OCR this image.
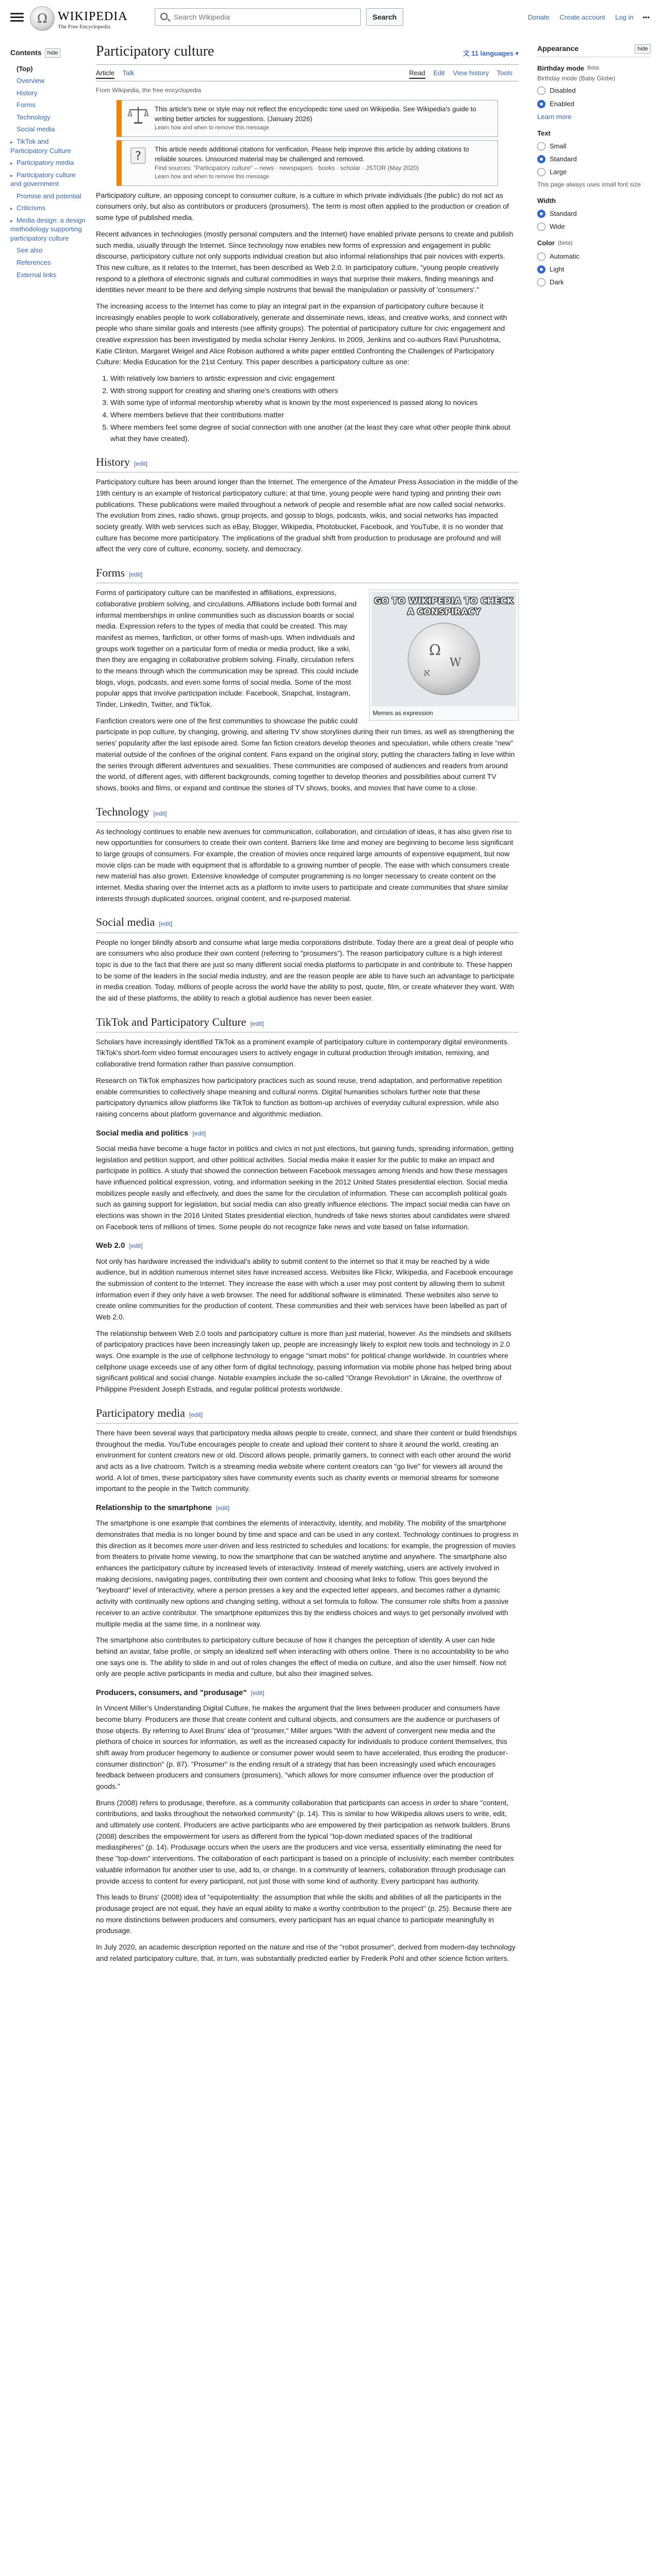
Ω WIKIPEDIA
The Free Encyclopedia
Search Wikipedia
Search	Donate Create account Log in •••
Contents	hide
(Top)
Overview
History
Forms
Technology
Social media
▸ TikTok and Participatory Culture
▸ Participatory media
▸ Participatory culture and government
Promise and potential
▸ Criticisms
▸ Media design: a design methodology supporting participatory culture
See also
References
External links
Participatory culture	文 11 languages ▾
Article Talk	Read Edit View history Tools
From Wikipedia, the free encyclopedia
This article's tone or style may not reflect the encyclopedic tone used on Wikipedia. See Wikipedia's guide to writing better articles for suggestions. (January 2026)
Learn how and when to remove this message
?
This article needs additional citations for verification. Please help improve this article by adding citations to reliable sources. Unsourced material may be challenged and removed.
Find sources: "Participatory culture" – news · newspapers · books · scholar · JSTOR (May 2020)
Learn how and when to remove this message

Participatory culture, an opposing concept to consumer culture, is a culture in which private individuals (the public) do not act as consumers only, but also as contributors or producers (prosumers). The term is most often applied to the production or creation of some type of published media.

Recent advances in technologies (mostly personal computers and the Internet) have enabled private persons to create and publish such media, usually through the Internet. Since technology now enables new forms of expression and engagement in public discourse, participatory culture not only supports individual creation but also informal relationships that pair novices with experts. This new culture, as it relates to the Internet, has been described as Web 2.0. In participatory culture, "young people creatively respond to a plethora of electronic signals and cultural commodities in ways that surprise their makers, finding meanings and identities never meant to be there and defying simple nostrums that bewail the manipulation or passivity of 'consumers'."

The increasing access to the Internet has come to play an integral part in the expansion of participatory culture because it increasingly enables people to work collaboratively, generate and disseminate news, ideas, and creative works, and connect with people who share similar goals and interests (see affinity groups). The potential of participatory culture for civic engagement and creative expression has been investigated by media scholar Henry Jenkins. In 2009, Jenkins and co-authors Ravi Purushotma, Katie Clinton, Margaret Weigel and Alice Robison authored a white paper entitled Confronting the Challenges of Participatory Culture: Media Education for the 21st Century. This paper describes a participatory culture as one:

1. With relatively low barriers to artistic expression and civic engagement
2. With strong support for creating and sharing one's creations with others
3. With some type of informal mentorship whereby what is known by the most experienced is passed along to novices
4. Where members believe that their contributions matter
5. Where members feel some degree of social connection with one another (at the least they care what other people think about what they have created).
History [edit]

Participatory culture has been around longer than the Internet. The emergence of the Amateur Press Association in the middle of the 19th century is an example of historical participatory culture; at that time, young people were hand typing and printing their own publications. These publications were mailed throughout a network of people and resemble what are now called social networks. The evolution from zines, radio shows, group projects, and gossip to blogs, podcasts, wikis, and social networks has impacted society greatly. With web services such as eBay, Blogger, Wikipedia, Photobucket, Facebook, and YouTube, it is no wonder that culture has become more participatory. The implications of the gradual shift from production to produsage are profound and will affect the very core of culture, economy, society, and democracy.

Forms [edit]
GO TO WIKIPEDIA TO CHECK A CONSPIRACY
Ω
W
א
Memes as expression

Forms of participatory culture can be manifested in affiliations, expressions, collaborative problem solving, and circulations. Affiliations include both formal and informal memberships in online communities such as discussion boards or social media. Expression refers to the types of media that could be created. This may manifest as memes, fanfiction, or other forms of mash-ups. When individuals and groups work together on a particular form of media or media product, like a wiki, then they are engaging in collaborative problem solving. Finally, circulation refers to the means through which the communication may be spread. This could include blogs, vlogs, podcasts, and even some forms of social media. Some of the most popular apps that involve participation include: Facebook, Snapchat, Instagram, Tinder, LinkedIn, Twitter, and TikTok.

Fanfiction creators were one of the first communities to showcase the public could participate in pop culture, by changing, growing, and altering TV show storylines during their run times, as well as strengthening the series' popularity after the last episode aired. Some fan fiction creators develop theories and speculation, while others create "new" material outside of the confines of the original content. Fans expand on the original story, putting the characters falling in love within the series through different adventures and sexualities. These communities are composed of audiences and readers from around the world, of different ages, with different backgrounds, coming together to develop theories and possibilities about current TV shows, books and films, or expand and continue the stories of TV shows, books, and movies that have come to a close.

Technology [edit]

As technology continues to enable new avenues for communication, collaboration, and circulation of ideas, it has also given rise to new opportunities for consumers to create their own content. Barriers like time and money are beginning to become less significant to large groups of consumers. For example, the creation of movies once required large amounts of expensive equipment, but now movie clips can be made with equipment that is affordable to a growing number of people. The ease with which consumers create new material has also grown. Extensive knowledge of computer programming is no longer necessary to create content on the internet. Media sharing over the Internet acts as a platform to invite users to participate and create communities that share similar interests through duplicated sources, original content, and re-purposed material.

Social media [edit]

People no longer blindly absorb and consume what large media corporations distribute. Today there are a great deal of people who are consumers who also produce their own content (referring to "prosumers"). The reason participatory culture is a high interest topic is due to the fact that there are just so many different social media platforms to participate in and contribute to. These happen to be some of the leaders in the social media industry, and are the reason people are able to have such an advantage to participate in media creation. Today, millions of people across the world have the ability to post, quote, film, or create whatever they want. With the aid of these platforms, the ability to reach a global audience has never been easier.

TikTok and Participatory Culture [edit]

Scholars have increasingly identified TikTok as a prominent example of participatory culture in contemporary digital environments. TikTok's short-form video format encourages users to actively engage in cultural production through imitation, remixing, and collaborative trend formation rather than passive consumption.

Research on TikTok emphasizes how participatory practices such as sound reuse, trend adaptation, and performative repetition enable communities to collectively shape meaning and cultural norms. Digital humanities scholars further note that these participatory dynamics allow platforms like TikTok to function as bottom-up archives of everyday cultural expression, while also raising concerns about platform governance and algorithmic mediation.

Social media and politics [edit]

Social media have become a huge factor in politics and civics in not just elections, but gaining funds, spreading information, getting legislation and petition support, and other political activities. Social media make it easier for the public to make an impact and participate in politics. A study that showed the connection between Facebook messages among friends and how these messages have influenced political expression, voting, and information seeking in the 2012 United States presidential election. Social media mobilizes people easily and effectively, and does the same for the circulation of information. These can accomplish political goals such as gaining support for legislation, but social media can also greatly influence elections. The impact social media can have on elections was shown in the 2016 United States presidential election, hundreds of fake news stories about candidates were shared on Facebook tens of millions of times. Some people do not recognize fake news and vote based on false information.

Web 2.0 [edit]

Not only has hardware increased the individual's ability to submit content to the internet so that it may be reached by a wide audience, but in addition numerous internet sites have increased access. Websites like Flickr, Wikipedia, and Facebook encourage the submission of content to the Internet. They increase the ease with which a user may post content by allowing them to submit information even if they only have a web browser. The need for additional software is eliminated. These websites also serve to create online communities for the production of content. These communities and their web services have been labelled as part of Web 2.0.

The relationship between Web 2.0 tools and participatory culture is more than just material, however. As the mindsets and skillsets of participatory practices have been increasingly taken up, people are increasingly likely to exploit new tools and technology in 2.0 ways. One example is the use of cellphone technology to engage "smart mobs" for political change worldwide. In countries where cellphone usage exceeds use of any other form of digital technology, passing information via mobile phone has helped bring about significant political and social change. Notable examples include the so-called "Orange Revolution" in Ukraine, the overthrow of Philippine President Joseph Estrada, and regular political protests worldwide.

Participatory media [edit]

There have been several ways that participatory media allows people to create, connect, and share their content or build friendships throughout the media. YouTube encourages people to create and upload their content to share it around the world, creating an environment for content creators new or old. Discord allows people, primarily gamers, to connect with each other around the world and acts as a live chatroom. Twitch is a streaming media website where content creators can "go live" for viewers all around the world. A lot of times, these participatory sites have community events such as charity events or memorial streams for someone important to the people in the Twitch community.

Relationship to the smartphone [edit]

The smartphone is one example that combines the elements of interactivity, identity, and mobility. The mobility of the smartphone demonstrates that media is no longer bound by time and space and can be used in any context. Technology continues to progress in this direction as it becomes more user-driven and less restricted to schedules and locations: for example, the progression of movies from theaters to private home viewing, to now the smartphone that can be watched anytime and anywhere. The smartphone also enhances the participatory culture by increased levels of interactivity. Instead of merely watching, users are actively involved in making decisions, navigating pages, contributing their own content and choosing what links to follow. This goes beyond the "keyboard" level of interactivity, where a person presses a key and the expected letter appears, and becomes rather a dynamic activity with continually new options and changing setting, without a set formula to follow. The consumer role shifts from a passive receiver to an active contributor. The smartphone epitomizes this by the endless choices and ways to get personally involved with multiple media at the same time, in a nonlinear way.

The smartphone also contributes to participatory culture because of how it changes the perception of identity. A user can hide behind an avatar, false profile, or simply an idealized self when interacting with others online. There is no accountability to be who one says one is. The ability to slide in and out of roles changes the effect of media on culture, and also the user himself. Now not only are people active participants in media and culture, but also their imagined selves.

Producers, consumers, and "produsage" [edit]

In Vincent Miller's Understanding Digital Culture, he makes the argument that the lines between producer and consumers have become blurry. Producers are those that create content and cultural objects, and consumers are the audience or purchasers of those objects. By referring to Axel Bruns' idea of "prosumer," Miller argues "With the advent of convergent new media and the plethora of choice in sources for information, as well as the increased capacity for individuals to produce content themselves, this shift away from producer hegemony to audience or consumer power would seem to have accelerated, thus eroding the producer-consumer distinction" (p. 87). "Prosumer" is the ending result of a strategy that has been increasingly used which encourages feedback between producers and consumers (prosumers), "which allows for more consumer influence over the production of goods."

Bruns (2008) refers to produsage, therefore, as a community collaboration that participants can access in order to share "content, contributions, and tasks throughout the networked community" (p. 14). This is similar to how Wikipedia allows users to write, edit, and ultimately use content. Producers are active participants who are empowered by their participation as network builders. Bruns (2008) describes the empowerment for users as different from the typical "top-down mediated spaces of the traditional mediaspheres" (p. 14). Produsage occurs when the users are the producers and vice versa, essentially eliminating the need for these "top-down" interventions. The collaboration of each participant is based on a principle of inclusivity; each member contributes valuable information for another user to use, add to, or change. In a community of learners, collaboration through produsage can provide access to content for every participant, not just those with some kind of authority. Every participant has authority.

This leads to Bruns' (2008) idea of "equipotentiality: the assumption that while the skills and abilities of all the participants in the produsage project are not equal, they have an equal ability to make a worthy contribution to the project" (p. 25). Because there are no more distinctions between producers and consumers, every participant has an equal chance to participate meaningfully in produsage.

In July 2020, an academic description reported on the nature and rise of the "robot prosumer", derived from modern-day technology and related participatory culture, that, in turn, was substantially predicted earlier by Frederik Pohl and other science fiction writers.

Appearance	hide
Birthday mode Beta
Birthday mode (Baby Globe)
Disabled
Enabled
Learn more
Text
Small
Standard
Large
This page always uses small font size
Width
Standard
Wide
Color (beta)
Automatic
Light
Dark
